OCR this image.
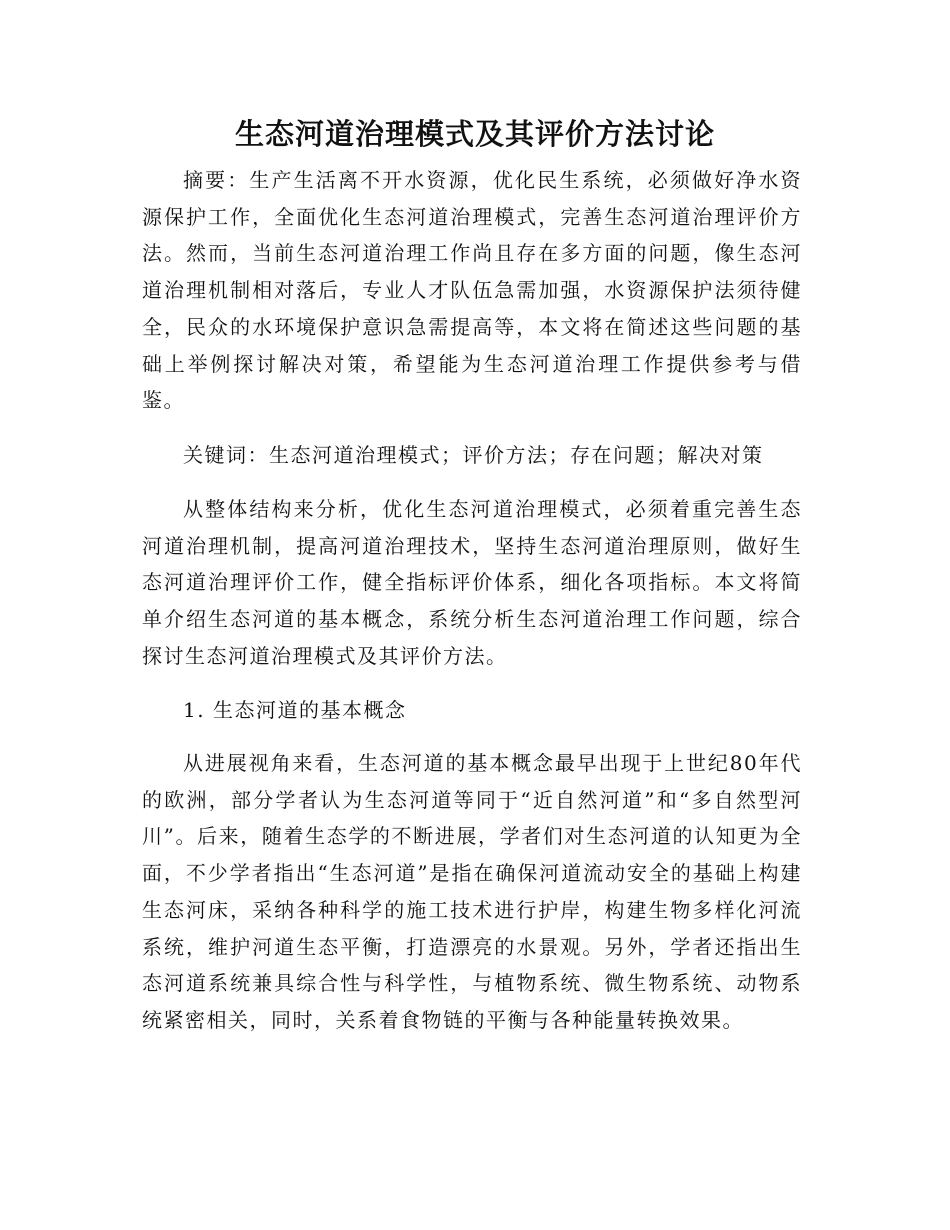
生态河道治理模式及其评价方法讨论

摘要：生产生活离不开水资源，优化民生系统，必须做好净水资源保护工作，全面优化生态河道治理模式，完善生态河道治理评价方法。然而，当前生态河道治理工作尚且存在多方面的问题，像生态河道治理机制相对落后，专业人才队伍急需加强，水资源保护法须待健全，民众的水环境保护意识急需提高等，本文将在简述这些问题的基础上举例探讨解决对策，希望能为生态河道治理工作提供参考与借鉴。

关键词：生态河道治理模式；评价方法；存在问题；解决对策

从整体结构来分析，优化生态河道治理模式，必须着重完善生态河道治理机制，提高河道治理技术，坚持生态河道治理原则，做好生态河道治理评价工作，健全指标评价体系，细化各项指标。本文将简单介绍生态河道的基本概念，系统分析生态河道治理工作问题，综合探讨生态河道治理模式及其评价方法。

1. 生态河道的基本概念

从进展视角来看，生态河道的基本概念最早出现于上世纪80年代的欧洲，部分学者认为生态河道等同于“近自然河道”和“多自然型河川”。后来，随着生态学的不断进展，学者们对生态河道的认知更为全面，不少学者指出“生态河道”是指在确保河道流动安全的基础上构建生态河床，采纳各种科学的施工技术进行护岸，构建生物多样化河流系统，维护河道生态平衡，打造漂亮的水景观。另外，学者还指出生态河道系统兼具综合性与科学性，与植物系统、微生物系统、动物系统紧密相关，同时，关系着食物链的平衡与各种能量转换效果。
